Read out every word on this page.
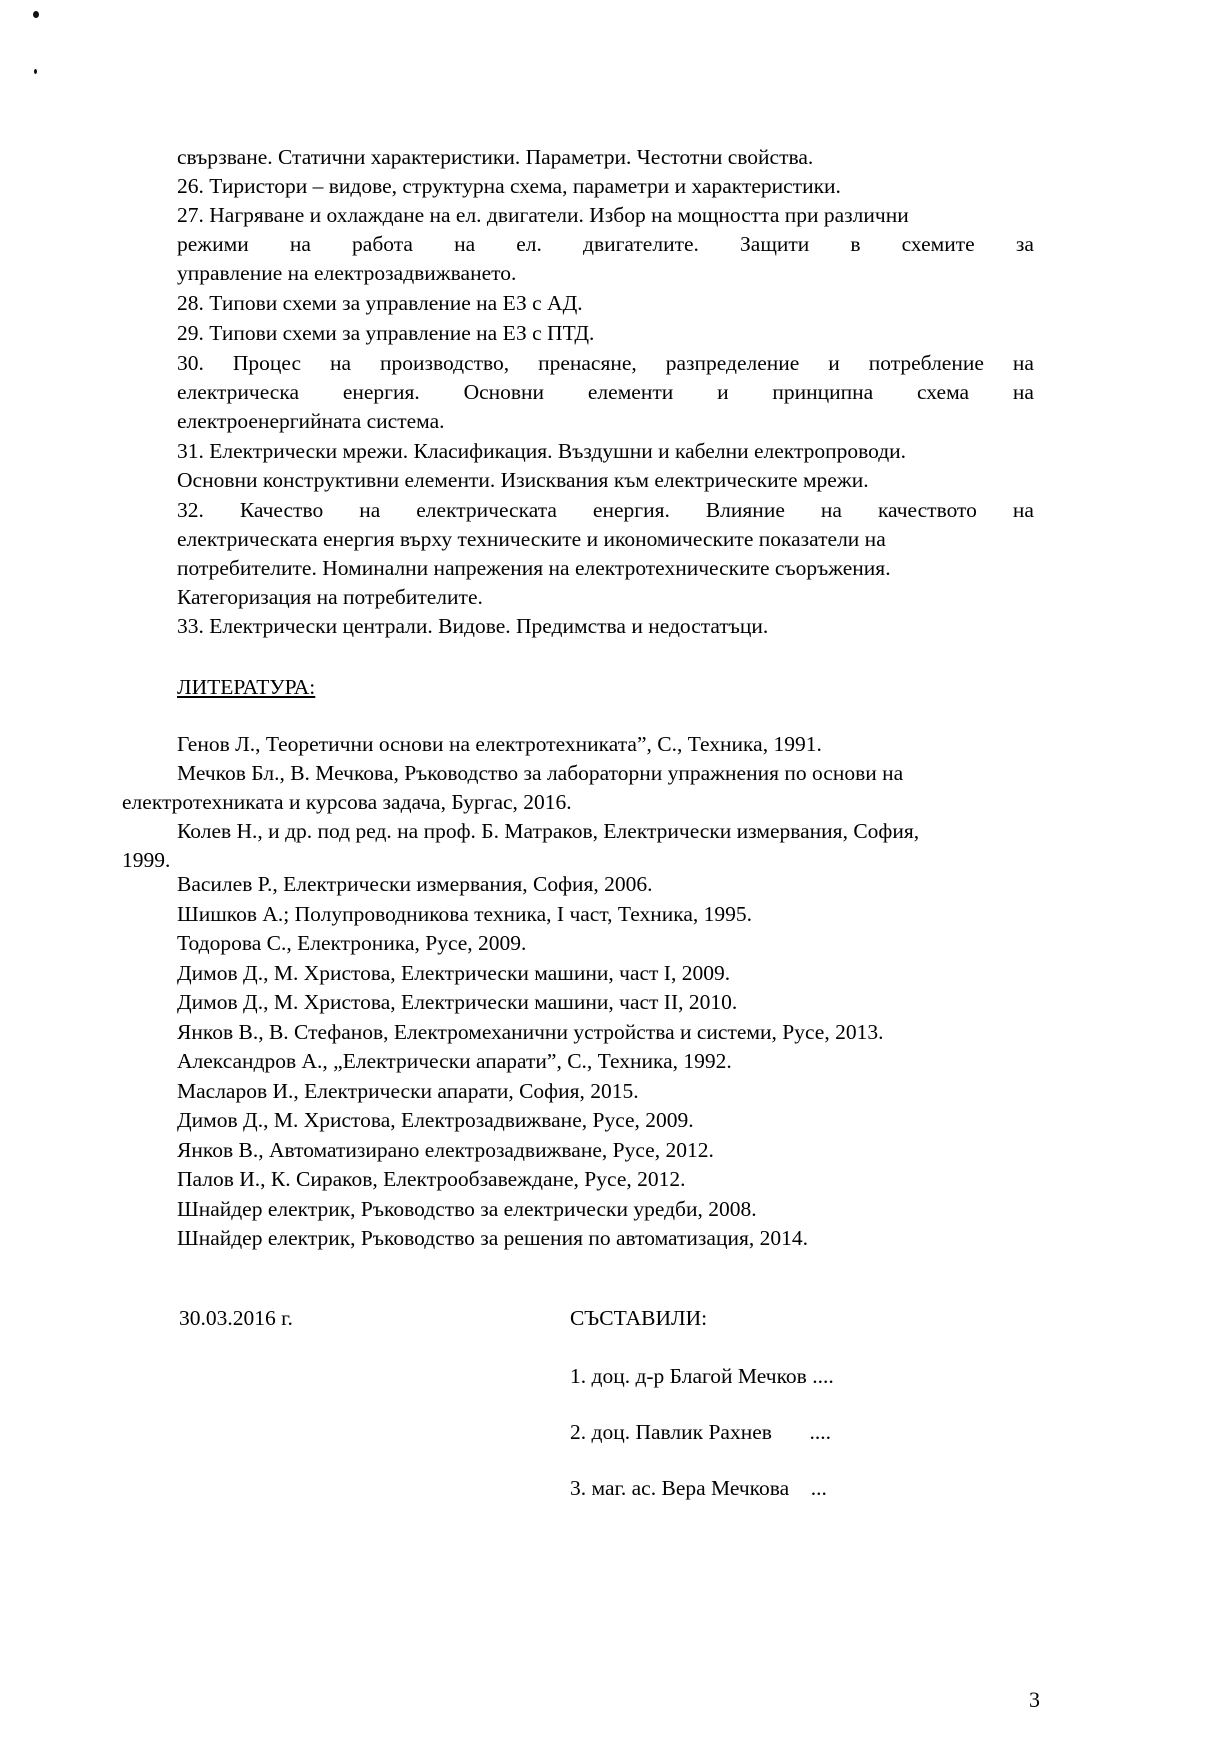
свързване. Статични характеристики. Параметри. Честотни свойства.
26. Тиристори – видове, структурна схема, параметри и характеристики.
27. Нагряване и охлаждане на ел. двигатели. Избор на мощността при различни
режими на работа на ел. двигателите. Защити в схемите за
управление на електрозадвижването.
28. Типови схеми за управление на ЕЗ с АД.
29. Типови схеми за управление на ЕЗ с ПТД.
30. Процес на производство, пренасяне, разпределение и потребление на
електрическа енергия. Основни елементи и принципна схема на
електроенергийната система.
31. Електрически мрежи. Класификация. Въздушни и кабелни електропроводи.
Основни конструктивни елементи. Изисквания към електрическите мрежи.
32. Качество на електрическата енергия. Влияние на качеството на
електрическата енергия върху техническите и икономическите показатели на
потребителите. Номинални напрежения на електротехническите съоръжения.
Категоризация на потребителите.
33. Електрически централи. Видове. Предимства и недостатъци.
ЛИТЕРАТУРА:
Генов Л., Теоретични основи на електротехниката”, С., Техника, 1991.
Мечков Бл., В. Мечкова, Ръководство за лабораторни упражнения по основи на
електротехниката и курсова задача, Бургас, 2016.
Колев Н., и др. под ред. на проф. Б. Матраков, Електрически измервания, София,
1999.
Василев Р., Електрически измервания, София, 2006.
Шишков А.; Полупроводникова техника, I част, Техника, 1995.
Тодорова С., Електроника, Русе, 2009.
Димов Д., М. Христова, Електрически машини, част I, 2009.
Димов Д., М. Христова, Електрически машини, част II, 2010.
Янков В., В. Стефанов, Електромеханични устройства и системи, Русе, 2013.
Александров А., „Електрически апарати”, С., Техника, 1992.
Масларов И., Електрически апарати, София, 2015.
Димов Д., М. Христова, Електрозадвижване, Русе, 2009.
Янков В., Автоматизирано електрозадвижване, Русе, 2012.
Палов И., К. Сираков, Електрообзавеждане, Русе, 2012.
Шнайдер електрик, Ръководство за електрически уредби, 2008.
Шнайдер електрик, Ръководство за решения по автоматизация, 2014.
30.03.2016 г.	СЪСТАВИЛИ:
1. доц. д-р Благой Мечков ....
2. доц. Павлик Рахнев       ....
3. маг. ас. Вера Мечкова    ...
3
